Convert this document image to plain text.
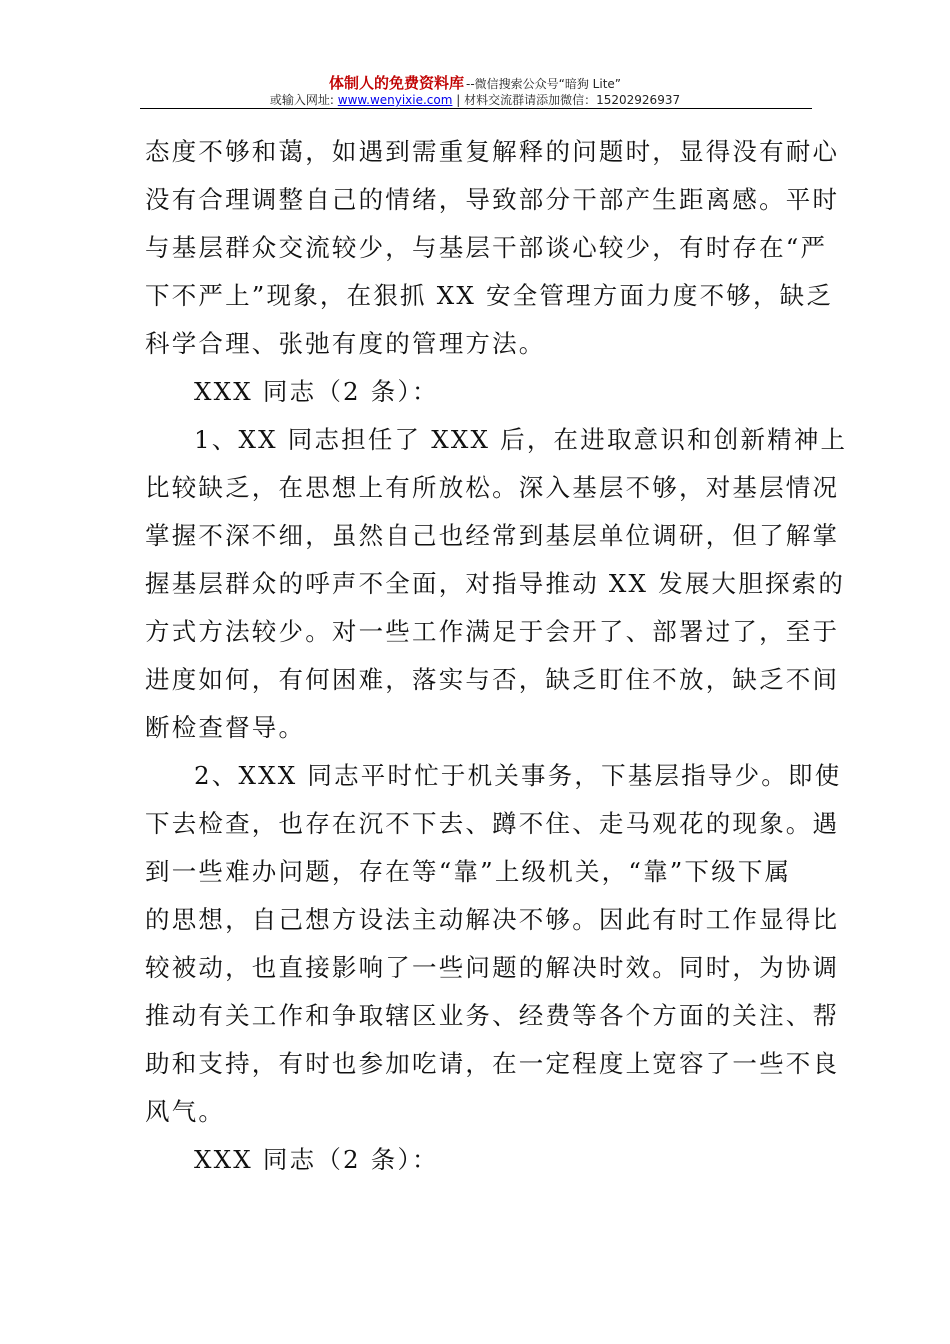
体制人的免费资料库 --微信搜索公众号“暗狗 Lite”
或输入网址: www.wenyixie.com | 材料交流群请添加微信：15202926937
态度不够和蔼，如遇到需重复解释的问题时，显得没有耐心
没有合理调整自己的情绪，导致部分干部产生距离感。平时
与基层群众交流较少，与基层干部谈心较少，有时存在“严
下不严上”现象，在狠抓 XX 安全管理方面力度不够，缺乏
科学合理、张弛有度的管理方法。
XXX 同志（2 条）：
1、XX 同志担任了 XXX 后，在进取意识和创新精神上
比较缺乏，在思想上有所放松。深入基层不够，对基层情况
掌握不深不细，虽然自己也经常到基层单位调研，但了解掌
握基层群众的呼声不全面，对指导推动 XX 发展大胆探索的
方式方法较少。对一些工作满足于会开了、部署过了，至于
进度如何，有何困难，落实与否，缺乏盯住不放，缺乏不间
断检查督导。
2、XXX 同志平时忙于机关事务，下基层指导少。即使
下去检查，也存在沉不下去、蹲不住、走马观花的现象。遇
到一些难办问题，存在等“靠”上级机关，“靠”下级下属
的思想，自己想方设法主动解决不够。因此有时工作显得比
较被动，也直接影响了一些问题的解决时效。同时，为协调
推动有关工作和争取辖区业务、经费等各个方面的关注、帮
助和支持，有时也参加吃请，在一定程度上宽容了一些不良
风气。
XXX 同志（2 条）：
